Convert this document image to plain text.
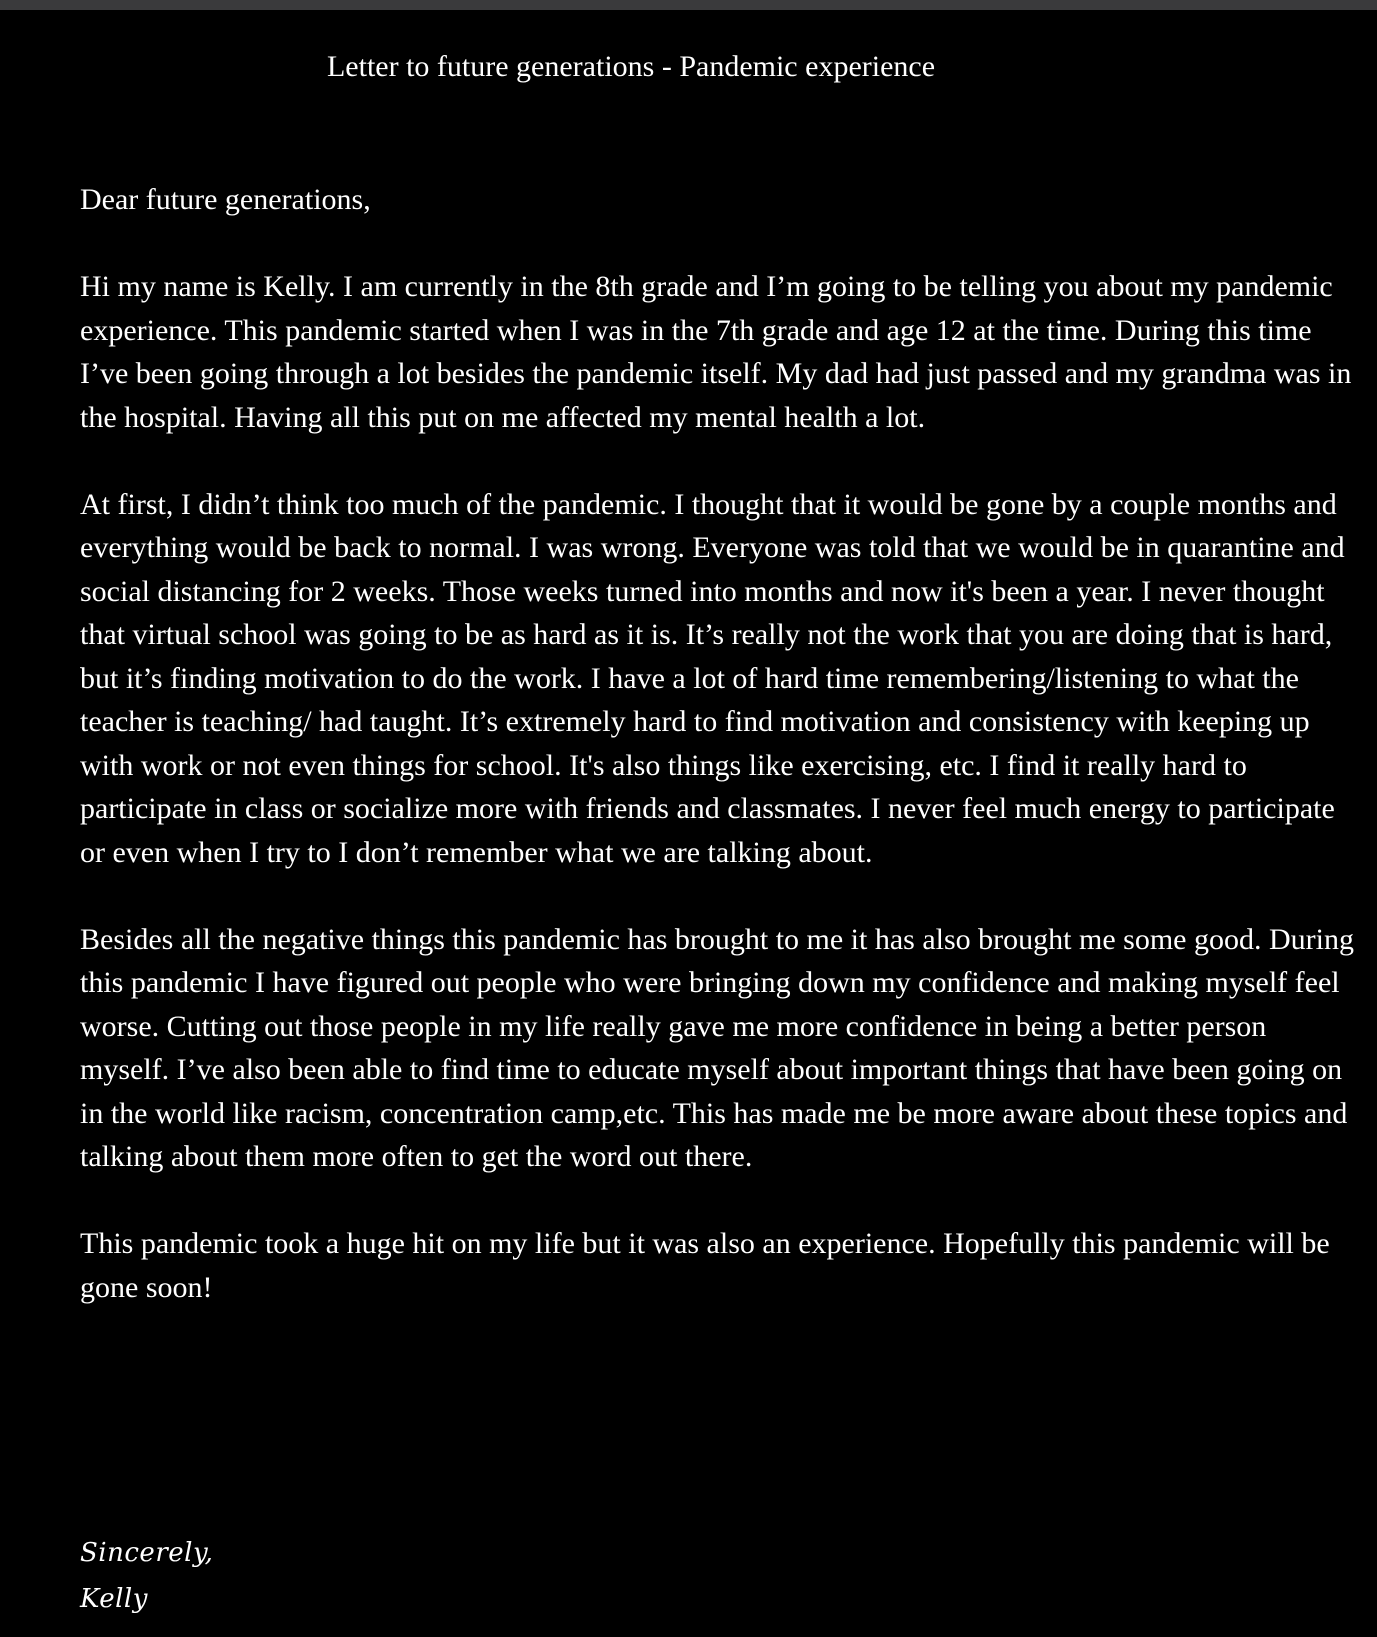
Letter to future generations - Pandemic experience

Dear future generations,

Hi my name is Kelly. I am currently in the 8th grade and I’m going to be telling you about my pandemic experience. This pandemic started when I was in the 7th grade and age 12 at the time. During this time I’ve been going through a lot besides the pandemic itself. My dad had just passed and my grandma was in the hospital. Having all this put on me affected my mental health a lot.

At first, I didn’t think too much of the pandemic. I thought that it would be gone by a couple months and everything would be back to normal. I was wrong. Everyone was told that we would be in quarantine and social distancing for 2 weeks. Those weeks turned into months and now it's been a year. I never thought that virtual school was going to be as hard as it is. It’s really not the work that you are doing that is hard, but it’s finding motivation to do the work. I have a lot of hard time remembering/listening to what the teacher is teaching/ had taught. It’s extremely hard to find motivation and consistency with keeping up with work or not even things for school. It's also things like exercising, etc. I find it really hard to participate in class or socialize more with friends and classmates. I never feel much energy to participate or even when I try to I don’t remember what we are talking about.

Besides all the negative things this pandemic has brought to me it has also brought me some good. During this pandemic I have figured out people who were bringing down my confidence and making myself feel worse. Cutting out those people in my life really gave me more confidence in being a better person myself. I’ve also been able to find time to educate myself about important things that have been going on in the world like racism, concentration camp,etc. This has made me be more aware about these topics and talking about them more often to get the word out there.

This pandemic took a huge hit on my life but it was also an experience. Hopefully this pandemic will be gone soon!

Sincerely,
Kelly
